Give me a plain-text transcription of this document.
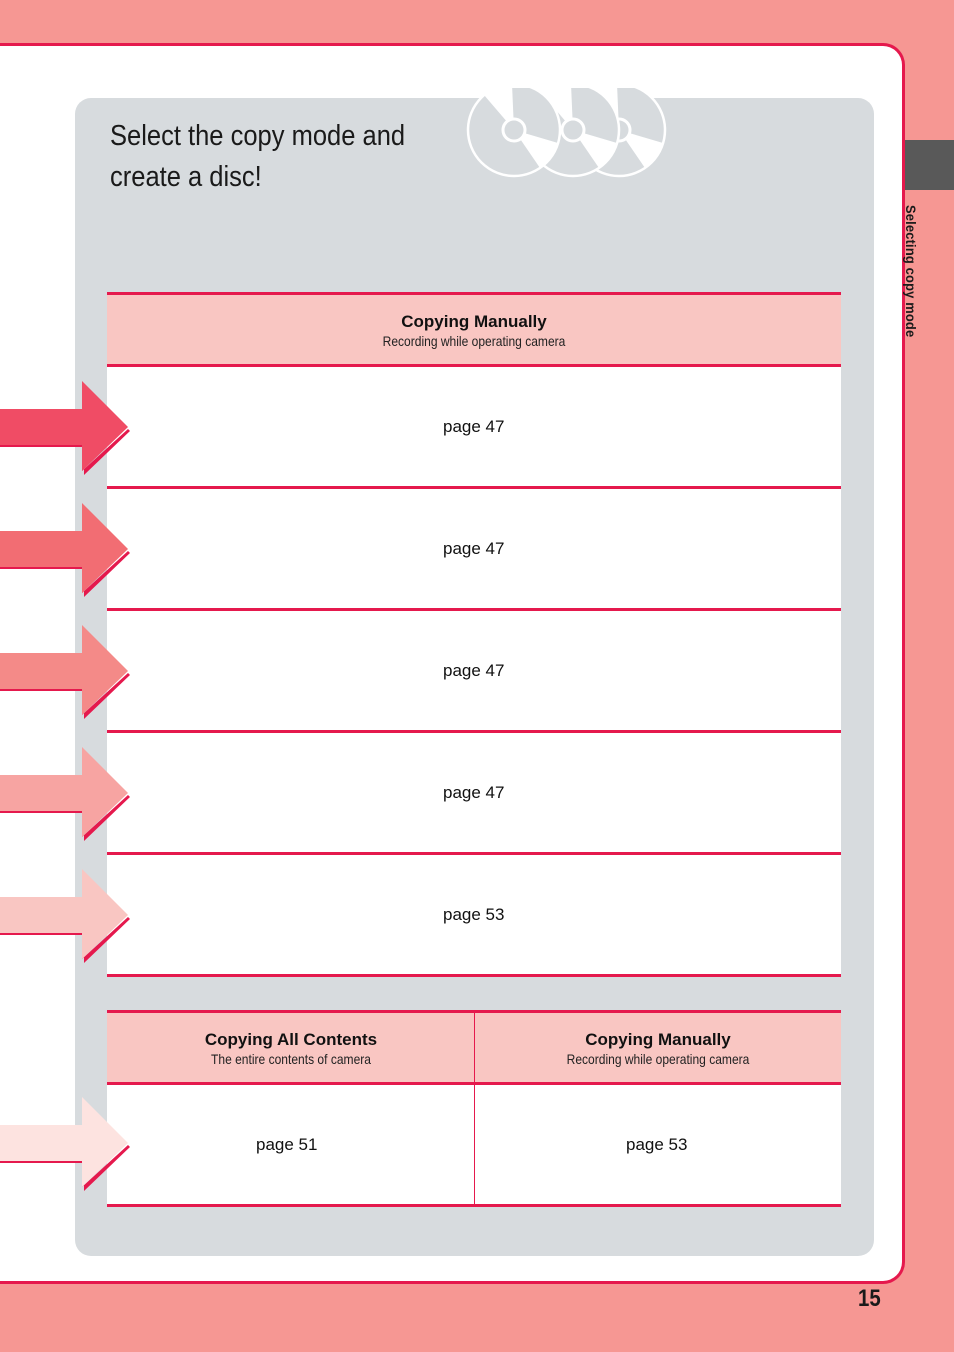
Select the copy mode and
create a disc!
Selecting copy mode
15
Copying Manually
Recording while operating camera
page 47
page 47
page 47
page 47
page 53
Copying All Contents
The entire contents of camera
Copying Manually
Recording while operating camera
page 51	page 53
